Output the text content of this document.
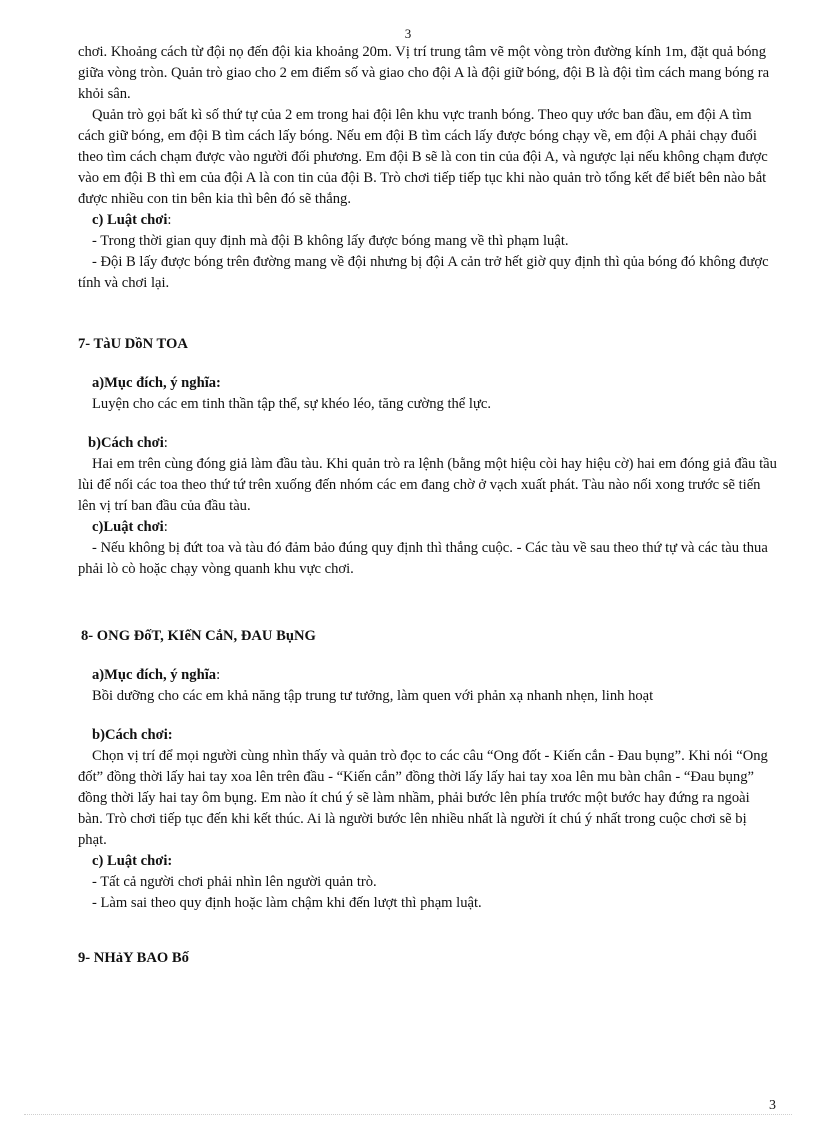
3

chơi. Khoảng cách từ đội nọ đến đội kia khoảng 20m. Vị trí trung tâm vẽ một vòng tròn đường kính 1m, đặt quả bóng giữa vòng tròn. Quản trò giao cho 2 em điểm số và giao cho đội A là đội giữ bóng, đội B là đội tìm cách mang bóng ra khỏi sân.

Quản trò gọi bất kì số thứ tự của 2 em trong hai đội lên khu vực tranh bóng. Theo quy ước ban đầu, em đội A tìm cách giữ bóng, em đội B tìm cách lấy bóng. Nếu em đội B tìm cách lấy được bóng chạy về, em đội A phải chạy đuổi theo tìm cách chạm được vào người đối phương. Em đội B sẽ là con tin của đội A, và ngược lại nếu không chạm được vào em đội B thì em của đội A là con tin của đội B. Trò chơi tiếp tiếp tục khi nào quản trò tổng kết để biết bên nào bắt được nhiều con tin bên kia thì bên đó sẽ thắng.

c) Luật chơi:

- Trong thời gian quy định mà đội B không lấy được bóng mang về thì phạm luật.

- Đội B lấy được bóng trên đường mang về đội nhưng bị đội A cản trở hết giờ quy định thì qủa bóng đó không được tính và chơi lại.

7- TàU DồN TOA

a)Mục đích, ý nghĩa:

Luyện cho các em tinh thần tập thể, sự khéo léo, tăng cường thể lực.

b)Cách chơi:

Hai em trên cùng đóng giả làm đầu tàu. Khi quản trò ra lệnh (bằng một hiệu còi hay hiệu cờ) hai em đóng giả đầu tầu lùi để nối các toa theo thứ tứ trên xuống đến nhóm các em đang chờ ở vạch xuất phát. Tàu nào nối xong trước sẽ tiến lên vị trí ban đầu của đầu tàu.

c)Luật chơi:

- Nếu không bị đứt toa và tàu đó đảm bảo đúng quy định thì thắng cuộc. - Các tàu về sau theo thứ tự và các tàu thua phải lò cò hoặc chạy vòng quanh khu vực chơi.

8- ONG ĐốT, KIếN CắN, ĐAU BụNG

a)Mục đích, ý nghĩa:

Bồi dưỡng cho các em khả năng tập trung tư tưởng, làm quen với phản xạ nhanh nhẹn, linh hoạt

b)Cách chơi:

Chọn vị trí để mọi người cùng nhìn thấy và quản trò đọc to các câu “Ong đốt - Kiến cắn - Đau bụng”. Khi nói “Ong đốt” đồng thời lấy hai tay xoa lên trên đầu - “Kiến cắn” đồng thời lấy lấy hai tay xoa lên mu bàn chân - “Đau bụng” đồng thời lấy hai tay ôm bụng. Em nào ít chú ý sẽ làm nhầm, phải bước lên phía trước một bước hay đứng ra ngoài bàn. Trò chơi tiếp tục đến khi kết thúc. Ai là người bước lên nhiều nhất là người ít chú ý nhất trong cuộc chơi sẽ bị phạt.

c) Luật chơi:

- Tất cả người chơi phải nhìn lên người quản trò.

- Làm sai theo quy định hoặc làm chậm khi đến lượt thì phạm luật.

9- NHảY BAO Bố

3
